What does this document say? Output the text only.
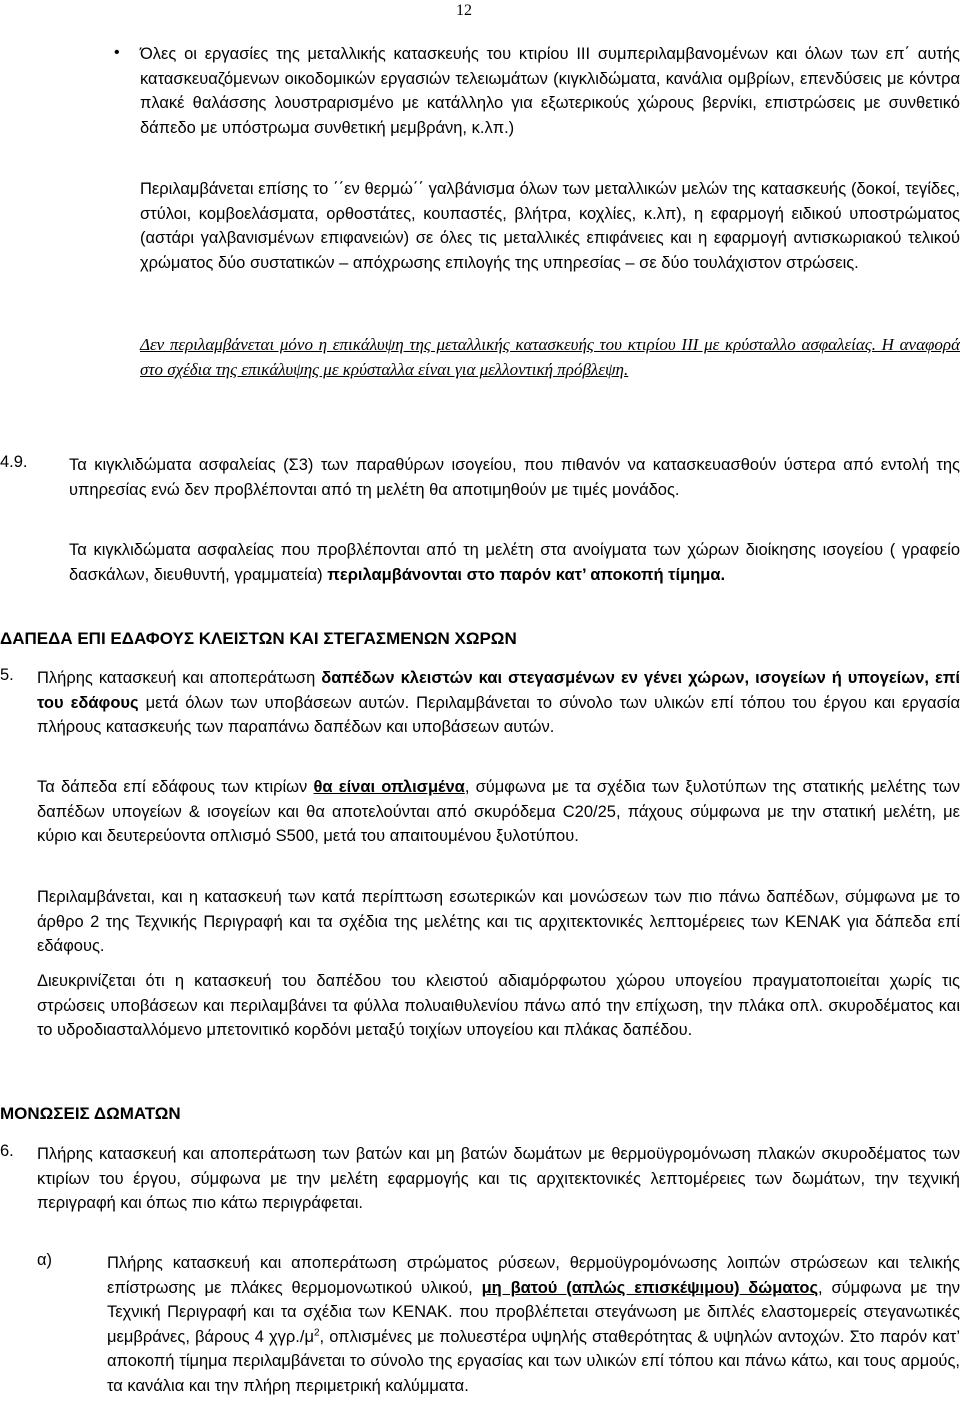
12
• Όλες οι εργασίες της μεταλλικής κατασκευής του κτιρίου ΙΙΙ συμπεριλαμβανομένων και όλων των επ΄ αυτής κατασκευαζόμενων οικοδομικών εργασιών τελειωμάτων (κιγκλιδώματα, κανάλια ομβρίων, επενδύσεις με κόντρα πλακέ θαλάσσης λουστραρισμένο με κατάλληλο για εξωτερικούς χώρους βερνίκι, επιστρώσεις με συνθετικό δάπεδο με υπόστρωμα συνθετική μεμβράνη, κ.λπ.)

Περιλαμβάνεται επίσης το ΄΄εν θερμώ΄΄ γαλβάνισμα όλων των μεταλλικών μελών της κατασκευής (δοκοί, τεγίδες, στύλοι, κομβοελάσματα, ορθοστάτες, κουπαστές, βλήτρα, κοχλίες, κ.λπ), η εφαρμογή ειδικού υποστρώματος (αστάρι γαλβανισμένων επιφανειών) σε όλες τις μεταλλικές επιφάνειες και η εφαρμογή αντισκωριακού τελικού χρώματος δύο συστατικών – απόχρωσης επιλογής της υπηρεσίας – σε δύο τουλάχιστον στρώσεις.

Δεν περιλαμβάνεται μόνο η επικάλυψη της μεταλλικής κατασκευής του κτιρίου ΙΙΙ με κρύσταλλο ασφαλείας. Η αναφορά στο σχέδια της επικάλυψης με κρύσταλλα είναι για μελλοντική πρόβλεψη.

4.9.	Τα κιγκλιδώματα ασφαλείας (Σ3) των παραθύρων ισογείου, που πιθανόν να κατασκευασθούν ύστερα από εντολή της υπηρεσίας ενώ δεν προβλέπονται από τη μελέτη θα αποτιμηθούν με τιμές μονάδος.

Τα κιγκλιδώματα ασφαλείας που προβλέπονται από τη μελέτη στα ανοίγματα των χώρων διοίκησης ισογείου ( γραφείο δασκάλων, διευθυντή, γραμματεία) περιλαμβάνονται στο παρόν κατ’ αποκοπή τίμημα.

ΔΑΠΕΔΑ ΕΠΙ ΕΔΑΦΟΥΣ ΚΛΕΙΣΤΩΝ ΚΑΙ ΣΤΕΓΑΣΜΕΝΩΝ ΧΩΡΩΝ
5. Πλήρης κατασκευή και αποπεράτωση δαπέδων κλειστών και στεγασμένων εν γένει χώρων, ισογείων ή υπογείων, επί του εδάφους μετά όλων των υποβάσεων αυτών. Περιλαμβάνεται το σύνολο των υλικών επί τόπου του έργου και εργασία πλήρους κατασκευής των παραπάνω δαπέδων και υποβάσεων αυτών.

Τα δάπεδα επί εδάφους των κτιρίων θα είναι οπλισμένα, σύμφωνα με τα σχέδια των ξυλοτύπων της στατικής μελέτης των δαπέδων υπογείων & ισογείων και θα αποτελούνται από σκυρόδεμα C20/25, πάχους σύμφωνα με την στατική μελέτη, με κύριο και δευτερεύοντα οπλισμό S500, μετά του απαιτουμένου ξυλοτύπου.

Περιλαμβάνεται, και η κατασκευή των κατά περίπτωση εσωτερικών και μονώσεων των πιο πάνω δαπέδων, σύμφωνα με το άρθρο 2 της Τεχνικής Περιγραφή και τα σχέδια της μελέτης και τις αρχιτεκτονικές λεπτομέρειες των ΚΕΝΑΚ για δάπεδα επί εδάφους.

Διευκρινίζεται ότι η κατασκευή του δαπέδου του κλειστού αδιαμόρφωτου χώρου υπογείου πραγματοποιείται χωρίς τις στρώσεις υποβάσεων και περιλαμβάνει τα φύλλα πολυαιθυλενίου πάνω από την επίχωση, την πλάκα οπλ. σκυροδέματος και το υδροδιασταλλόμενο μπετονιτικό κορδόνι μεταξύ τοιχίων υπογείου και πλάκας δαπέδου.

ΜΟΝΩΣΕΙΣ ΔΩΜΑΤΩΝ
6. Πλήρης κατασκευή και αποπεράτωση των βατών και μη βατών δωμάτων με θερμοϋγρομόνωση πλακών σκυροδέματος των κτιρίων του έργου, σύμφωνα με την μελέτη εφαρμογής και τις αρχιτεκτονικές λεπτομέρειες των δωμάτων, την τεχνική περιγραφή και όπως πιο κάτω περιγράφεται.

α)	Πλήρης κατασκευή και αποπεράτωση στρώματος ρύσεων, θερμοϋγρομόνωσης λοιπών στρώσεων και τελικής επίστρωσης με πλάκες θερμομονωτικού υλικού, μη βατού (απλώς επισκέψιμου) δώματος, σύμφωνα με την Τεχνική Περιγραφή και τα σχέδια των ΚΕΝΑΚ. που προβλέπεται στεγάνωση με διπλές ελαστομερείς στεγανωτικές μεμβράνες, βάρους 4 $\chi\gamma\rho./\mu^2$, οπλισμένες με πολυεστέρα υψηλής σταθερότητας & υψηλών αντοχών. Στο παρόν κατ’ αποκοπή τίμημα περιλαμβάνεται το σύνολο της εργασίας και των υλικών επί τόπου και πάνω κάτω, και τους αρμούς, τα κανάλια και την πλήρη περιμετρική καλύμματα.
